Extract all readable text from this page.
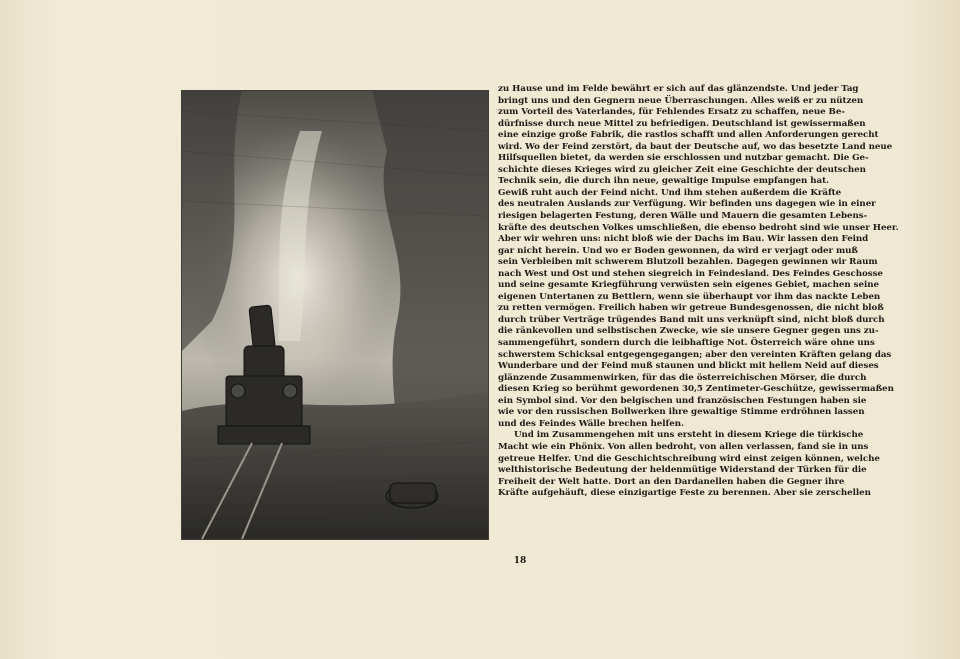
zu Hause und im Felde bewährt er sich auf das glänzendste. Und jeder Tag
bringt uns und den Gegnern neue Überraschungen. Alles weiß er zu nützen
zum Vorteil des Vaterlandes, für Fehlendes Ersatz zu schaffen, neue Be-
dürfnisse durch neue Mittel zu befriedigen. Deutschland ist gewissermaßen
eine einzige große Fabrik, die rastlos schafft und allen Anforderungen gerecht
wird. Wo der Feind zerstört, da baut der Deutsche auf, wo das besetzte Land neue
Hilfsquellen bietet, da werden sie erschlossen und nutzbar gemacht. Die Ge-
schichte dieses Krieges wird zu gleicher Zeit eine Geschichte der deutschen
Technik sein, die durch ihn neue, gewaltige Impulse empfangen hat.
Gewiß ruht auch der Feind nicht. Und ihm stehen außerdem die Kräfte
des neutralen Auslands zur Verfügung. Wir befinden uns dagegen wie in einer
riesigen belagerten Festung, deren Wälle und Mauern die gesamten Lebens-
kräfte des deutschen Volkes umschließen, die ebenso bedroht sind wie unser Heer.
Aber wir wehren uns: nicht bloß wie der Dachs im Bau. Wir lassen den Feind
gar nicht herein. Und wo er Boden gewonnen, da wird er verjagt oder muß
sein Verbleiben mit schwerem Blutzoll bezahlen. Dagegen gewinnen wir Raum
nach West und Ost und stehen siegreich in Feindesland. Des Feindes Geschosse
und seine gesamte Kriegführung verwüsten sein eigenes Gebiet, machen seine
eigenen Untertanen zu Bettlern, wenn sie überhaupt vor ihm das nackte Leben
zu retten vermögen. Freilich haben wir getreue Bundesgenossen, die nicht bloß
durch trüber Verträge trügendes Band mit uns verknüpft sind, nicht bloß durch
die ränkevollen und selbstischen Zwecke, wie sie unsere Gegner gegen uns zu-
sammengeführt, sondern durch die leibhaftige Not. Österreich wäre ohne uns
schwerstem Schicksal entgegengegangen; aber den vereinten Kräften gelang das
Wunderbare und der Feind muß staunen und blickt mit hellem Neid auf dieses
glänzende Zusammenwirken, für das die österreichischen Mörser, die durch
diesen Krieg so berühmt gewordenen 30,5 Zentimeter-Geschütze, gewissermaßen
ein Symbol sind. Vor den belgischen und französischen Festungen haben sie
wie vor den russischen Bollwerken ihre gewaltige Stimme erdröhnen lassen
und des Feindes Wälle brechen helfen.
Und im Zusammengehen mit uns ersteht in diesem Kriege die türkische
Macht wie ein Phönix. Von allen bedroht, von allen verlassen, fand sie in uns
getreue Helfer. Und die Geschichtschreibung wird einst zeigen können, welche
welthistorische Bedeutung der heldenmütige Widerstand der Türken für die
Freiheit der Welt hatte. Dort an den Dardanellen haben die Gegner ihre
Kräfte aufgehäuft, diese einzigartige Feste zu berennen. Aber sie zerschellen
18
